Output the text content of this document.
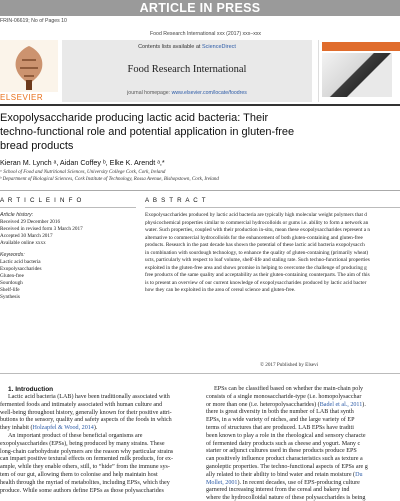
ARTICLE IN PRESS
FRIN-06619; No of Pages 10
Food Research International xxx (2017) xxx–xxx
ELSEVIER
Contents lists available at ScienceDirect
Food Research International
journal homepage: www.elsevier.com/locate/foodres
Exopolysaccharide producing lactic acid bacteria: Their
techno-functional role and potential application in gluten-free
bread products
Kieran M. Lynch ᵃ, Aidan Coffey ᵇ, Elke K. Arendt ᵃ,*
ᵃ School of Food and Nutritional Sciences, University College Cork, Cork, Ireland
ᵇ Department of Biological Sciences, Cork Institute of Technology, Rossa Avenue, Bishopstown, Cork, Ireland
A R T I C L E I N F O	A B S T R A C T
Article history:
Received 29 December 2016
Received in revised form 3 March 2017
Accepted 30 March 2017
Available online xxxx
Keywords:
Lactic acid bacteria
Exopolysaccharides
Gluten-free
Sourdough
Shelf-life
Synthesis
Exopolysaccharides produced by lactic acid bacteria are typically high molecular weight polymers that d
physicochemical properties similar to commercial hydrocolloids or gums i.e. ability to form a network an
water. Such properties, coupled with their production in-situ, mean these exopolysaccharides represent a n
alternative to commercial hydrocolloids for the enhancement of both gluten-containing and gluten-free
products. Research in the past decade has shown the potential of these lactic acid bacteria exopolysacch
in combination with sourdough technology, to enhance the quality of gluten-containing (primarily wheat)
ucts, particularly with respect to loaf volume, shelf-life and staling rate. Such techno-functional properties
exploited in the gluten-free area and shows promise in helping to overcome the challenge of producing g
free products of the same quality and acceptability as their gluten-containing counterparts. The aim of this
is to present an overview of our current knowledge of exopolysaccharides produced by lactic acid bacter
how they can be exploited in the area of cereal science and gluten-free.
© 2017 Published by Elsevi
1. Introduction
Lactic acid bacteria (LAB) have been traditionally associated with
fermented foods and intimately associated with human culture and
well-being throughout history, generally known for their positive attri-
butions to the sensory, quality and safety aspects of the foods in which
they inhabit (Holzapfel & Wood, 2014).
An important product of these beneficial organisms are
exopolysaccharides (EPSs), being produced by many strains. These
long-chain carbohydrate polymers are the reason why particular strains
can impart positive textural effects on fermented milk products, for ex-
ample, while they enable others, still, to “hide” from the immune sys-
tem of our gut, allowing them to colonise and help maintain host
health through the myriad of metabolites, including EPSs, which they
produce. While some authors define EPSs as those polysaccharides
EPSs can be classified based on whether the main-chain poly
consists of a single monosaccharide-type (i.e. homopolysacchar
or more than one (i.e. heteropolysaccharides) (Badel et al., 2011).
there is great diversity in both the number of LAB that synth
EPSs, in a wide variety of niches, and the large variety of EP
terms of structures that are produced. LAB EPSs have traditi
been known to play a role in the rheological and sensory characte
of fermented dairy products such as cheese and yogurt. Many c
starter or adjunct cultures used in these products produce EPS
can positively influence product characteristics such as texture a
ganoleptic properties. The techno-functional aspects of EPSs are g
ally related to their ability to bind water and retain moisture (Du
Mollet, 2001). In recent decades, use of EPS-producing culture
garnered increasing interest from the cereal and bakery ind
where the hydrocolloidal nature of these polysaccharides is being
